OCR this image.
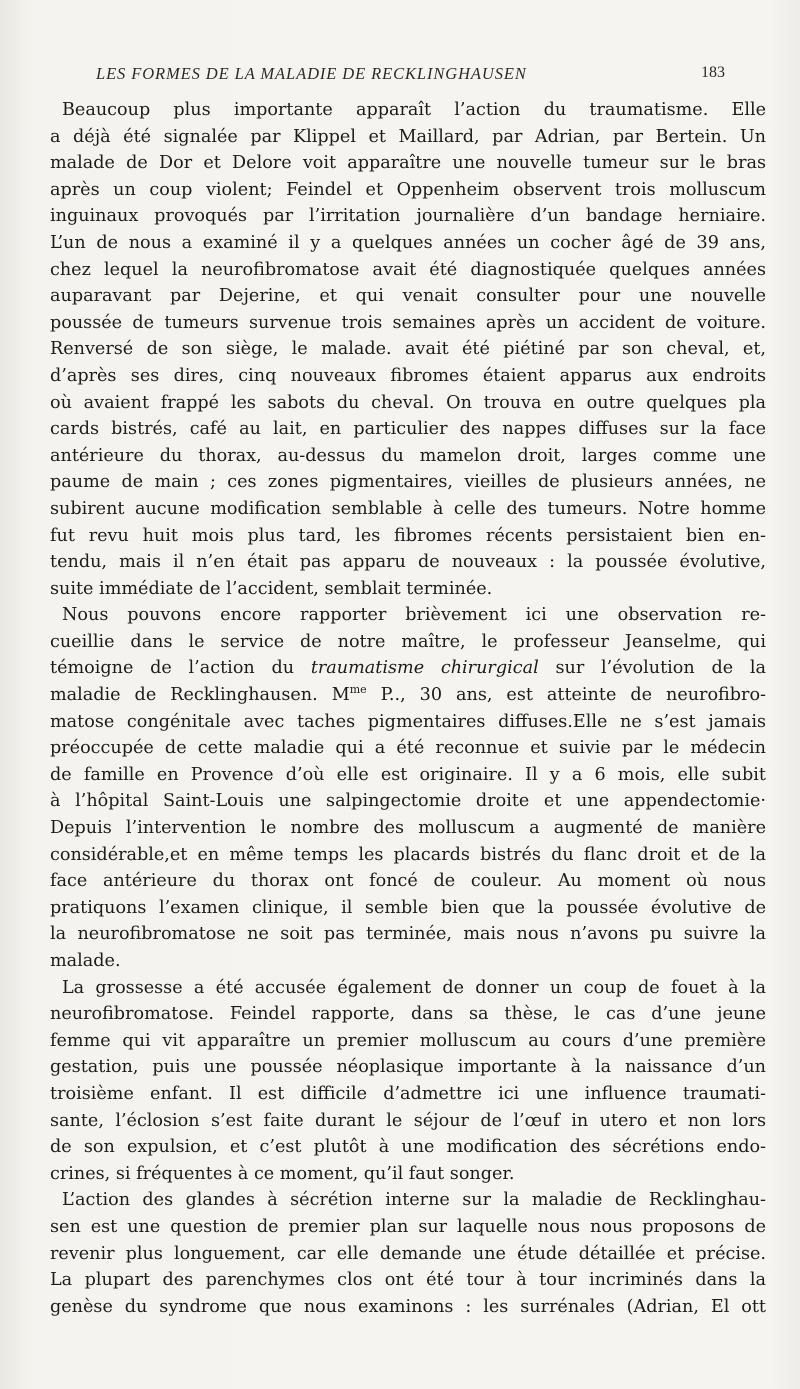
LES FORMES DE LA MALADIE DE RECKLINGHAUSEN	183
Beaucoup plus importante apparaît l’action du traumatisme. Elle
a déjà été signalée par Klippel et Maillard, par Adrian, par Bertein. Un
malade de Dor et Delore voit apparaître une nouvelle tumeur sur le bras
après un coup violent; Feindel et Oppenheim observent trois molluscum
inguinaux provoqués par l’irritation journalière d’un bandage herniaire.
L’un de nous a examiné il y a quelques années un cocher âgé de 39 ans,
chez lequel la neurofibromatose avait été diagnostiquée quelques années
auparavant par Dejerine, et qui venait consulter pour une nouvelle
poussée de tumeurs survenue trois semaines après un accident de voiture.
Renversé de son siège, le malade. avait été piétiné par son cheval, et,
d’après ses dires, cinq nouveaux fibromes étaient apparus aux endroits
où avaient frappé les sabots du cheval. On trouva en outre quelques pla
cards bistrés, café au lait, en particulier des nappes diffuses sur la face
antérieure du thorax, au-dessus du mamelon droit, larges comme une
paume de main ; ces zones pigmentaires, vieilles de plusieurs années, ne
subirent aucune modification semblable à celle des tumeurs. Notre homme
fut revu huit mois plus tard, les fibromes récents persistaient bien en-
tendu, mais il n’en était pas apparu de nouveaux : la poussée évolutive,
suite immédiate de l’accident, semblait terminée.
Nous pouvons encore rapporter brièvement ici une observation re-
cueillie dans le service de notre maître, le professeur Jeanselme, qui
témoigne de l’action du traumatisme chirurgical sur l’évolution de la
maladie de Recklinghausen. $M^{me}$ P.., 30 ans, est atteinte de neurofibro-
matose congénitale avec taches pigmentaires diffuses.Elle ne s’est jamais
préoccupée de cette maladie qui a été reconnue et suivie par le médecin
de famille en Provence d’où elle est originaire. Il y a 6 mois, elle subit
à l’hôpital Saint-Louis une salpingectomie droite et une appendectomie·
Depuis l’intervention le nombre des molluscum a augmenté de manière
considérable,et en même temps les placards bistrés du flanc droit et de la
face antérieure du thorax ont foncé de couleur. Au moment où nous
pratiquons l’examen clinique, il semble bien que la poussée évolutive de
la neurofibromatose ne soit pas terminée, mais nous n’avons pu suivre la
malade.
La grossesse a été accusée également de donner un coup de fouet à la
neurofibromatose. Feindel rapporte, dans sa thèse, le cas d’une jeune
femme qui vit apparaître un premier molluscum au cours d’une première
gestation, puis une poussée néoplasique importante à la naissance d’un
troisième enfant. Il est difficile d’admettre ici une influence traumati-
sante, l’éclosion s’est faite durant le séjour de l’œuf in utero et non lors
de son expulsion, et c’est plutôt à une modification des sécrétions endo-
crines, si fréquentes à ce moment, qu’il faut songer.
L’action des glandes à sécrétion interne sur la maladie de Recklinghau-
sen est une question de premier plan sur laquelle nous nous proposons de
revenir plus longuement, car elle demande une étude détaillée et précise.
La plupart des parenchymes clos ont été tour à tour incriminés dans la
genèse du syndrome que nous examinons : les surrénales (Adrian, El ott
